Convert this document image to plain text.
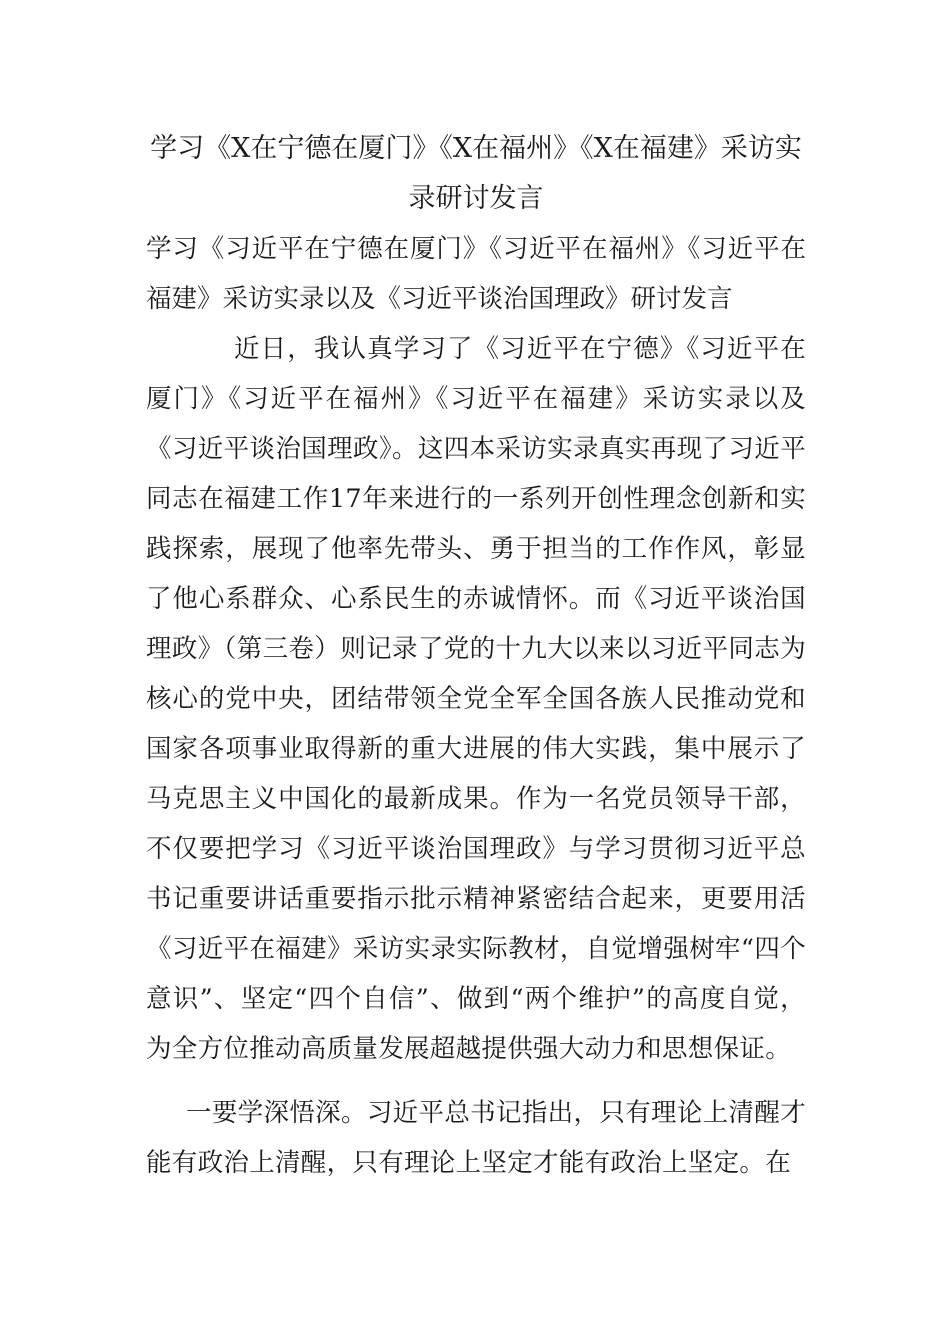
学习《X在宁德在厦门》《X在福州》《X在福建》采访实录研讨发言

学习《习近平在宁德在厦门》《习近平在福州》《习近平在福建》采访实录以及《习近平谈治国理政》研讨发言

近日，我认真学习了《习近平在宁德》《习近平在厦门》《习近平在福州》《习近平在福建》采访实录以及《习近平谈治国理政》。这四本采访实录真实再现了习近平同志在福建工作17年来进行的一系列开创性理念创新和实践探索，展现了他率先带头、勇于担当的工作作风，彰显了他心系群众、心系民生的赤诚情怀。而《习近平谈治国理政》（第三卷）则记录了党的十九大以来以习近平同志为核心的党中央，团结带领全党全军全国各族人民推动党和国家各项事业取得新的重大进展的伟大实践，集中展示了马克思主义中国化的最新成果。作为一名党员领导干部，不仅要把学习《习近平谈治国理政》与学习贯彻习近平总书记重要讲话重要指示批示精神紧密结合起来，更要用活《习近平在福建》采访实录实际教材，自觉增强树牢“四个意识”、坚定“四个自信”、做到“两个维护”的高度自觉，为全方位推动高质量发展超越提供强大动力和思想保证。

一要学深悟深。习近平总书记指出，只有理论上清醒才能有政治上清醒，只有理论上坚定才能有政治上坚定。在
